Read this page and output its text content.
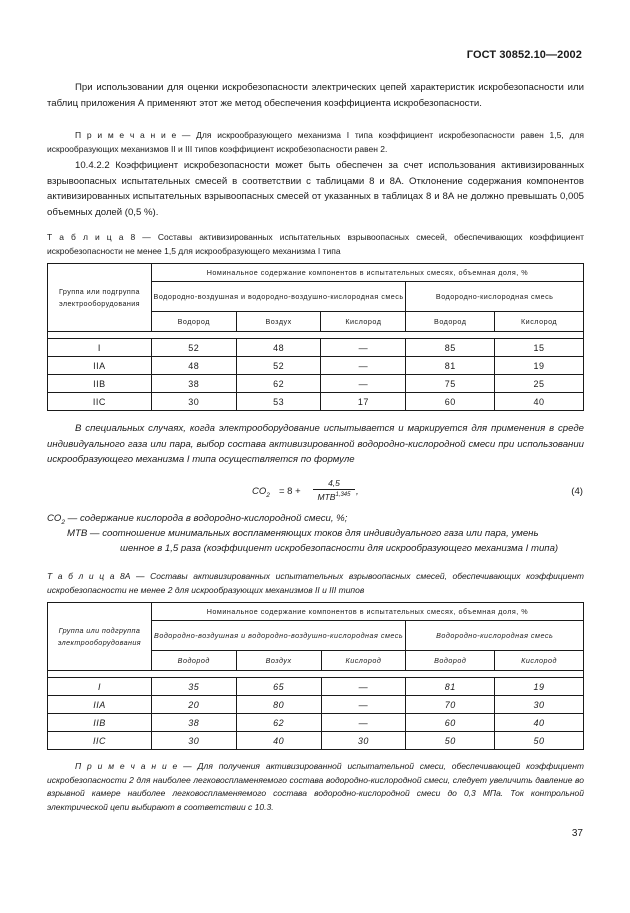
ГОСТ 30852.10—2002
При использовании для оценки искробезопасности электрических цепей характеристик искробезопасности или таблиц приложения А применяют этот же метод обеспечения коэффициента искробезопасности.
П р и м е ч а н и е — Для искрообразующего механизма I типа коэффициент искробезопасности равен 1,5, для искрообразующих механизмов II и III типов коэффициент искробезопасности равен 2.
10.4.2.2 Коэффициент искробезопасности может быть обеспечен за счет использования активизированных взрывоопасных испытательных смесей в соответствии с таблицами 8 и 8А. Отклонение содержания компонентов активизированных испытательных взрывоопасных смесей от указанных в таблицах 8 и 8А не должно превышать 0,005 объемных долей (0,5 %).
Т а б л и ц а 8 — Составы активизированных испытательных взрывоопасных смесей, обеспечивающих коэффициент искробезопасности не менее 1,5 для искрообразующего механизма I типа
Группа или подгруппа электрооборудования	Номинальное содержание компонентов в испытательных смесях, объемная доля, %				
	Водородно-воздушная и водородно-воздушно-кислородная смесь			Водородно-кислородная смесь	
	Водород	Воздух	Кислород	Водород	Кислород

I	52	48	—	85	15
IIA	48	52	—	81	19
IIB	38	62	—	75	25
IIC	30	53	17	60	40
В специальных случаях, когда электрооборудование испытывается и маркируется для применения в среде индивидуального газа или пара, выбор состава активизированной водородно-кислородной смеси при использовании искрообразующего механизма I типа осуществляется по формуле
$CO_2 = 8$ +
4,5
MTB$^{1,345}$ ,	(4)
$CO_2$ — содержание кислорода в водородно-кислородной смеси, %;
MTB — соотношение минимальных воспламеняющих токов для индивидуального газа или пара, умень
шенное в 1,5 раза (коэффициент искробезопасности для искрообразующего механизма I типа)
Т а б л и ц а 8А — Составы активизированных испытательных взрывоопасных смесей, обеспечивающих коэффициент искробезопасности не менее 2 для искрообразующих механизмов II и III типов
Группа или подгруппа электрооборудования	Номинальное содержание компонентов в испытательных смесях, объемная доля, %				
	Водородно-воздушная и водородно-воздушно-кислородная смесь			Водородно-кислородная смесь	
	Водород	Воздух	Кислород	Водород	Кислород

I	35	65	—	81	19
IIA	20	80	—	70	30
IIB	38	62	—	60	40
IIC	30	40	30	50	50
П р и м е ч а н и е — Для получения активизированной испытательной смеси, обеспечивающей коэффициент искробезопасности 2 для наиболее легковоспламеняемого состава водородно-кислородной смеси, следует увеличить давление во взрывной камере наиболее легковоспламеняемого состава водородно-кислородной смеси до 0,3 МПа. Ток контрольной электрической цепи выбирают в соответствии с 10.3.
37
